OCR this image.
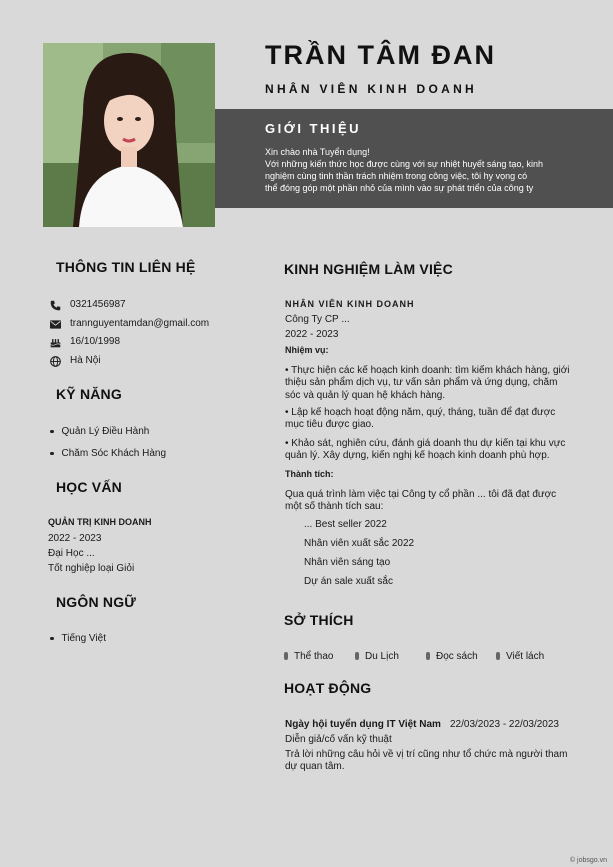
TRẦN TÂM ĐAN
NHÂN VIÊN KINH DOANH
GIỚI THIỆU
Xin chào nhà Tuyển dụng!
Với những kiến thức học được cùng với sự nhiệt huyết sáng tạo, kinh
nghiệm cùng tinh thần trách nhiệm trong công việc, tôi hy vọng có
thể đóng góp một phần nhỏ của mình vào sự phát triển của công ty
THÔNG TIN LIÊN HỆ
0321456987
trannguyentamdan@gmail.com
16/10/1998
Hà Nội
KỸ NĂNG
Quản Lý Điều Hành
Chăm Sóc Khách Hàng
HỌC VẤN
QUẢN TRỊ KINH DOANH
2022 - 2023
Đại Học ...
Tốt nghiệp loại Giỏi
NGÔN NGỮ
Tiếng Việt
KINH NGHIỆM LÀM VIỆC
NHÂN VIÊN KINH DOANH
Công Ty CP ...
2022 - 2023
Nhiệm vụ:
• Thực hiện các kế hoạch kinh doanh: tìm kiếm khách hàng, giới
thiệu sản phẩm dịch vụ, tư vấn sản phẩm và ứng dụng, chăm
sóc và quản lý quan hệ khách hàng.
• Lập kế hoạch hoạt động năm, quý, tháng, tuần để đạt được
mục tiêu được giao.
• Khảo sát, nghiên cứu, đánh giá doanh thu dự kiến tại khu vực
quản lý. Xây dựng, kiến nghị kế hoạch kinh doanh phù hợp.
Thành tích:
Qua quá trình làm việc tại Công ty cổ phần ... tôi đã đạt được
một số thành tích sau:
... Best seller 2022
Nhân viên xuất sắc 2022
Nhân viên sáng tạo
Dự án sale xuất sắc
SỞ THÍCH
Thể thao	Du Lịch	Đọc sách	Viết lách
HOẠT ĐỘNG
Ngày hội tuyển dụng IT Việt Nam 22/03/2023 - 22/03/2023
Diễn giả/cố vấn kỹ thuật
Trả lời những câu hỏi về vị trí cũng như tổ chức mà người tham
dự quan tâm.
© jobsgo.vn
